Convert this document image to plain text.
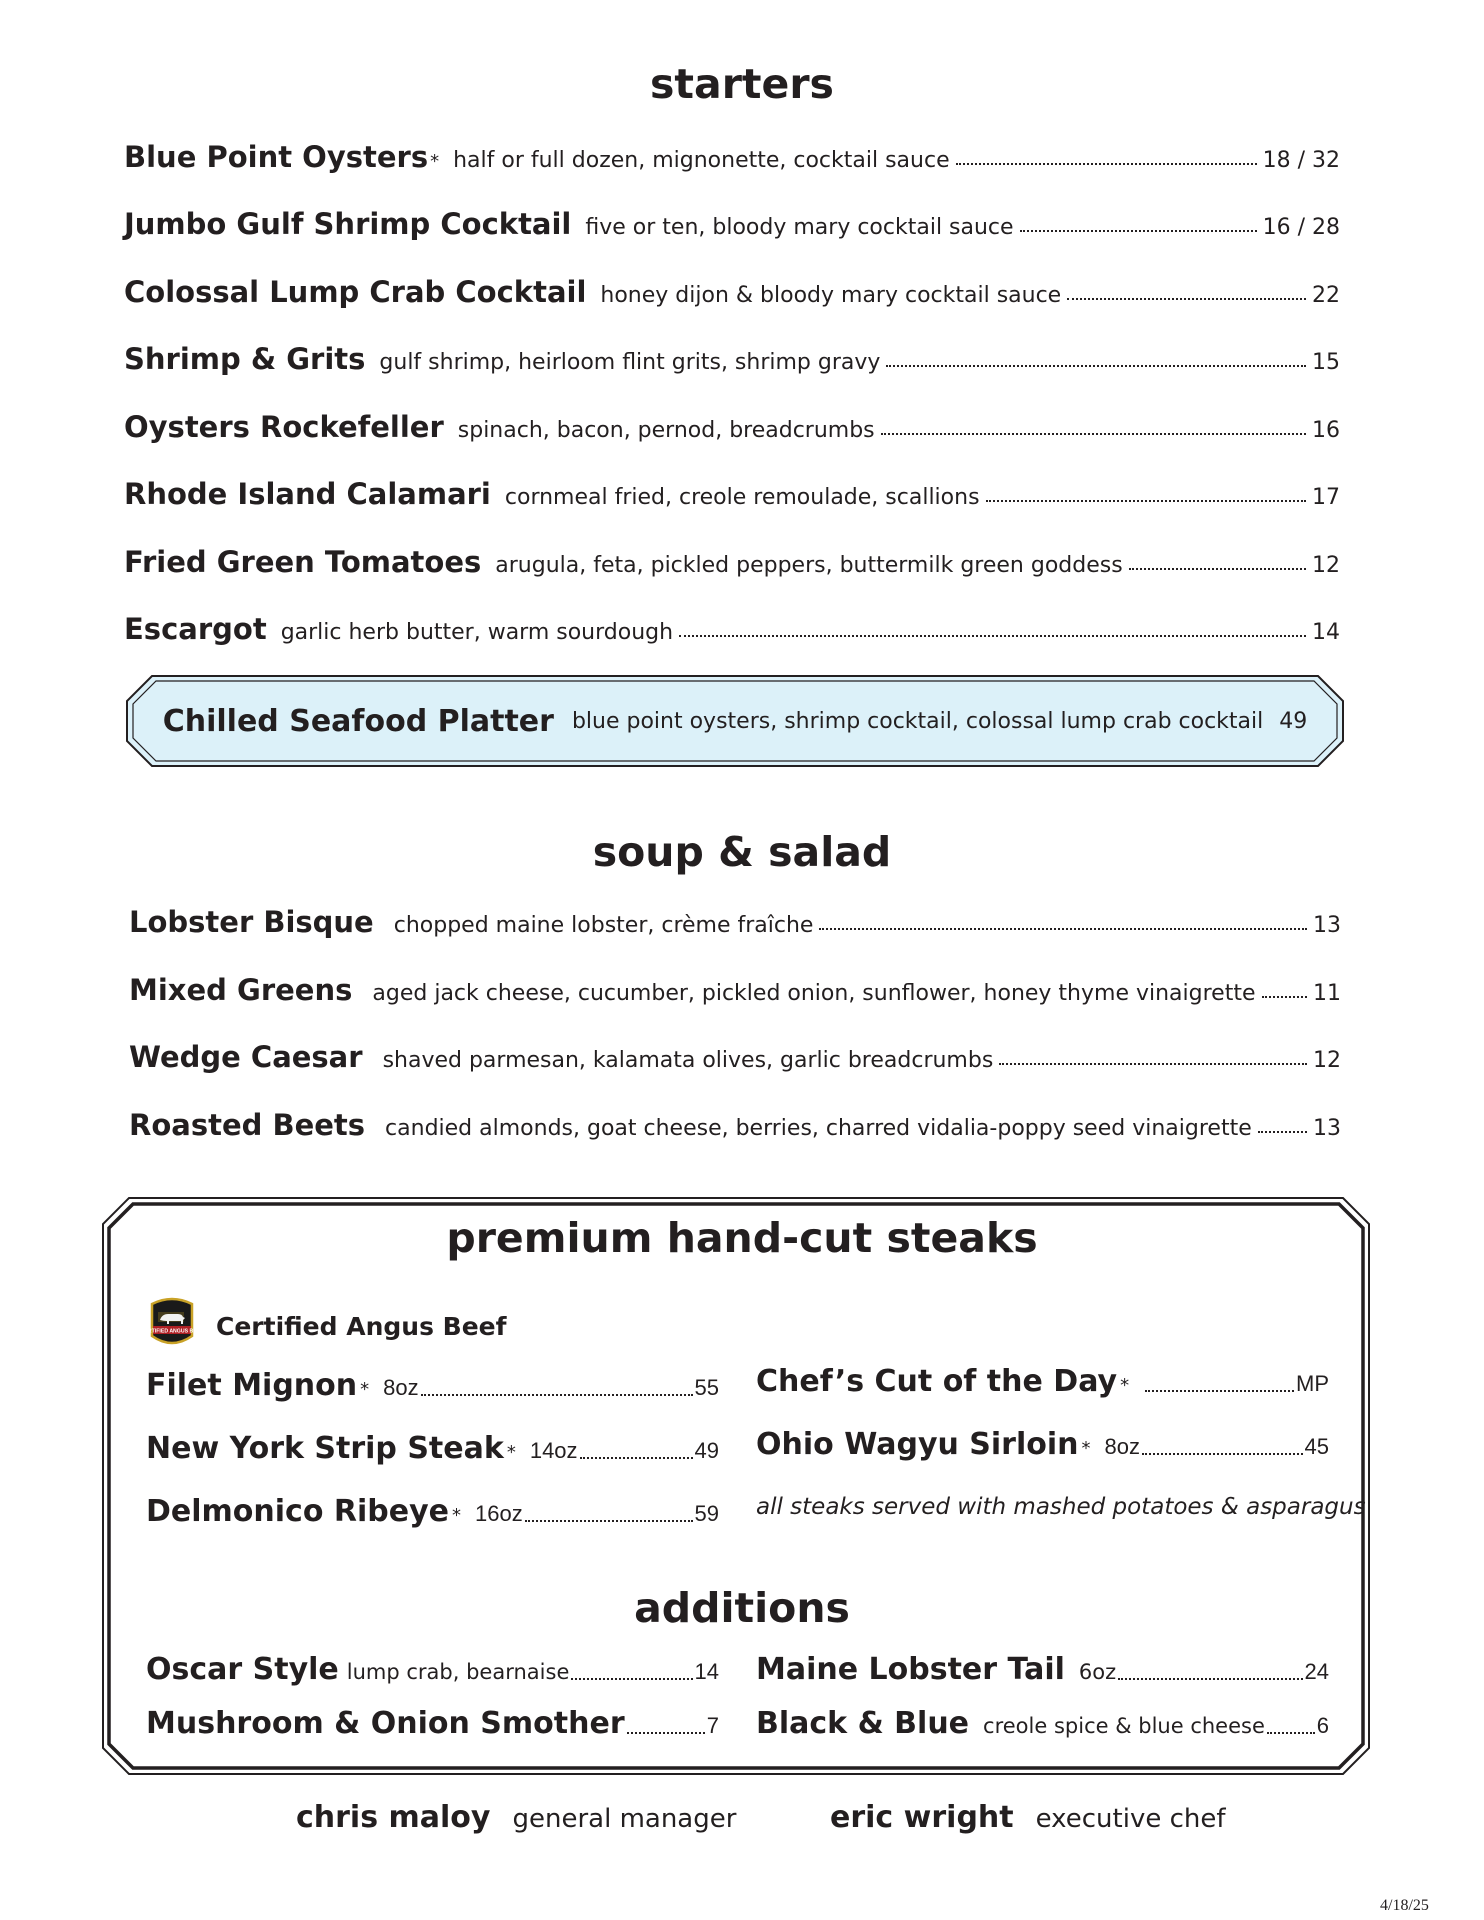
starters
Blue Point Oysters * half or full dozen, mignonette, cocktail sauce	18 / 32
Jumbo Gulf Shrimp Cocktail five or ten, bloody mary cocktail sauce	16 / 28
Colossal Lump Crab Cocktail honey dijon & bloody mary cocktail sauce	22
Shrimp & Grits gulf shrimp, heirloom flint grits, shrimp gravy	15
Oysters Rockefeller spinach, bacon, pernod, breadcrumbs	16
Rhode Island Calamari cornmeal fried, creole remoulade, scallions	17
Fried Green Tomatoes arugula, feta, pickled peppers, buttermilk green goddess	12
Escargot garlic herb butter, warm sourdough	14
Chilled Seafood Platter blue point oysters, shrimp cocktail, colossal lump crab cocktail 49
soup & salad
Lobster Bisque chopped maine lobster, crème fraîche	13
Mixed Greens aged jack cheese, cucumber, pickled onion, sunflower, honey thyme vinaigrette	11
Wedge Caesar shaved parmesan, kalamata olives, garlic breadcrumbs	12
Roasted Beets candied almonds, goat cheese, berries, charred vidalia-poppy seed vinaigrette	13
premium hand-cut steaks
CERTIFIED ANGUS BEEF Certified Angus Beef
Filet Mignon * 8oz	55
New York Strip Steak * 14oz	49
Delmonico Ribeye * 16oz	59
Chef’s Cut of the Day *	MP
Ohio Wagyu Sirloin * 8oz	45
all steaks served with mashed potatoes & asparagus
additions
Oscar Style lump crab, bearnaise	14
Mushroom & Onion Smother	7
Maine Lobster Tail 6oz	24
Black & Blue creole spice & blue cheese 6
chris maloy general manager	eric wright executive chef
4/18/25
